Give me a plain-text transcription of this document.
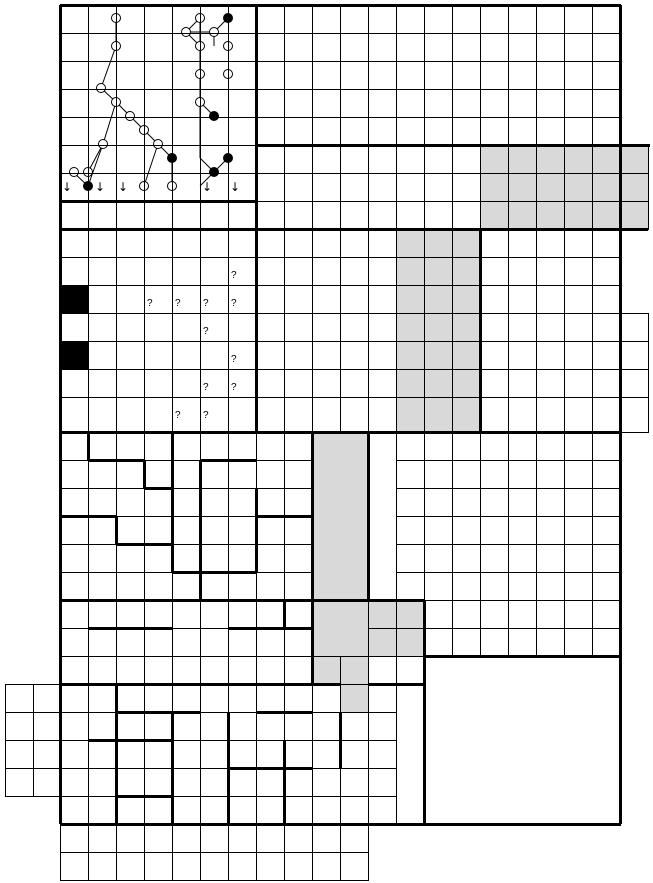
↓ ↓ ↓	↓ ↓
?
? ? ? ?
?
?
? ?
? ?
